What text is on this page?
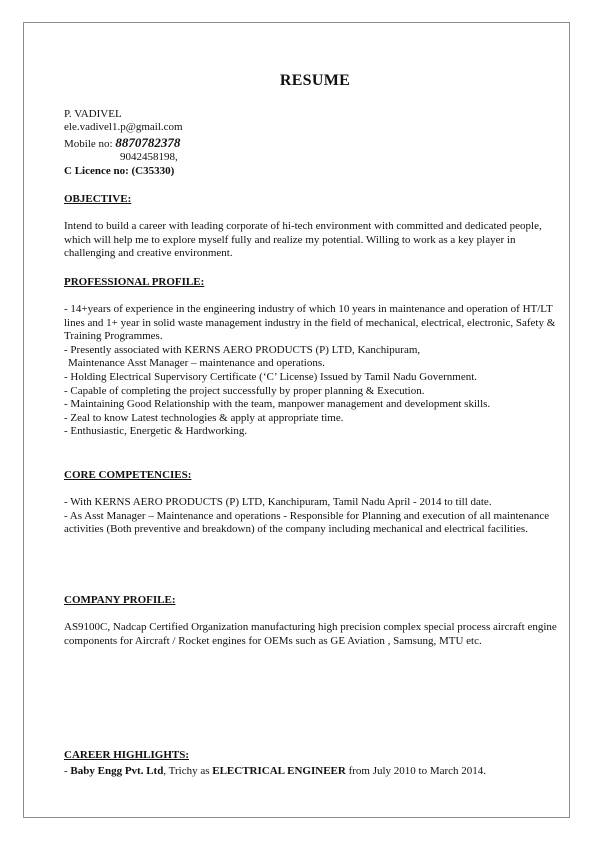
RESUME
P. VADIVEL
ele.vadivel1.p@gmail.com
Mobile no: 8870782378
9042458198,
C Licence no: (C35330)
OBJECTIVE:
Intend to build a career with leading corporate of hi-tech environment with committed and dedicated people, which will help me to explore myself fully and realize my potential. Willing to work as a key player in challenging and creative environment.
PROFESSIONAL PROFILE:
- 14+years of experience in the engineering industry of which 10 years in maintenance and operation of HT/LT lines and 1+ year in solid waste management industry in the field of mechanical, electrical, electronic, Safety & Training Programmes.
- Presently associated with KERNS AERO PRODUCTS (P) LTD, Kanchipuram,
Maintenance Asst Manager – maintenance and operations.
- Holding Electrical Supervisory Certificate (‘C’ License) Issued by Tamil Nadu Government.
- Capable of completing the project successfully by proper planning & Execution.
- Maintaining Good Relationship with the team, manpower management and development skills.
- Zeal to know Latest technologies & apply at appropriate time.
- Enthusiastic, Energetic & Hardworking.
CORE COMPETENCIES:
- With KERNS AERO PRODUCTS (P) LTD, Kanchipuram, Tamil Nadu April - 2014 to till date.
- As Asst Manager – Maintenance and operations - Responsible for Planning and execution of all maintenance activities (Both preventive and breakdown) of the company including mechanical and electrical facilities.
COMPANY PROFILE:
AS9100C, Nadcap Certified Organization manufacturing high precision complex special process aircraft engine components for Aircraft / Rocket engines for OEMs such as GE Aviation , Samsung, MTU etc.
CAREER HIGHLIGHTS:
- Baby Engg Pvt. Ltd, Trichy as ELECTRICAL ENGINEER from July 2010 to March 2014.
